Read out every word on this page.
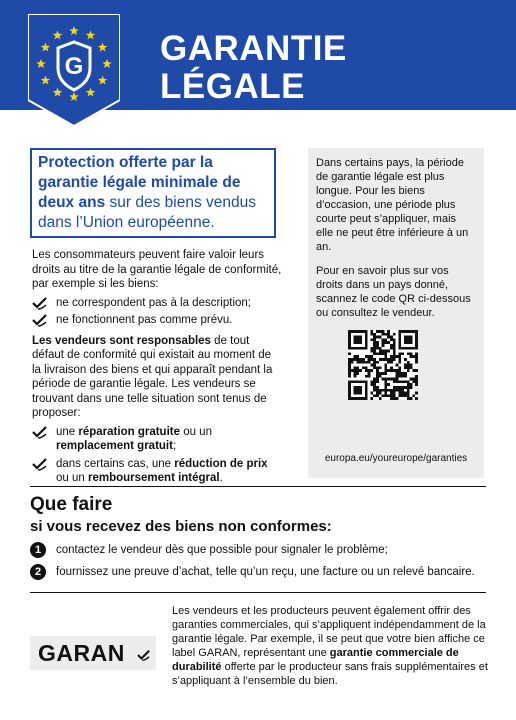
G GARANTIE
LÉGALE
Protection offerte par la garantie légale minimale de deux ans sur des biens vendus dans l’Union européenne.

Les consommateurs peuvent faire valoir leurs droits au titre de la garantie légale de conformité, par exemple si les biens:

ne correspondent pas à la description;
ne fonctionnent pas comme prévu.

Les vendeurs sont responsables de tout défaut de conformité qui existait au moment de la livraison des biens et qui apparaît pendant la période de garantie légale. Les vendeurs se trouvant dans une telle situation sont tenus de proposer:

une réparation gratuite ou un remplacement gratuit;
dans certains cas, une réduction de prix ou un remboursement intégral.

Dans certains pays, la période de garantie légale est plus longue. Pour les biens d’occasion, une période plus courte peut s’appliquer, mais elle ne peut être inférieure à un an.

Pour en savoir plus sur vos droits dans un pays donné, scannez le code QR ci-dessous ou consultez le vendeur.

europa.eu/youreurope/garanties
Que faire
si vous recevez des biens non conformes:
1 contactez le vendeur dès que possible pour signaler le problème;
2 fournissez une preuve d’achat, telle qu’un reçu, une facture ou un relevé bancaire.
GARAN
Les vendeurs et les producteurs peuvent également offrir des garanties commerciales, qui s’appliquent indépendamment de la garantie légale. Par exemple, il se peut que votre bien affiche ce label GARAN, représentant une garantie commerciale de durabilité offerte par le producteur sans frais supplémentaires et s’appliquant à l’ensemble du bien.
